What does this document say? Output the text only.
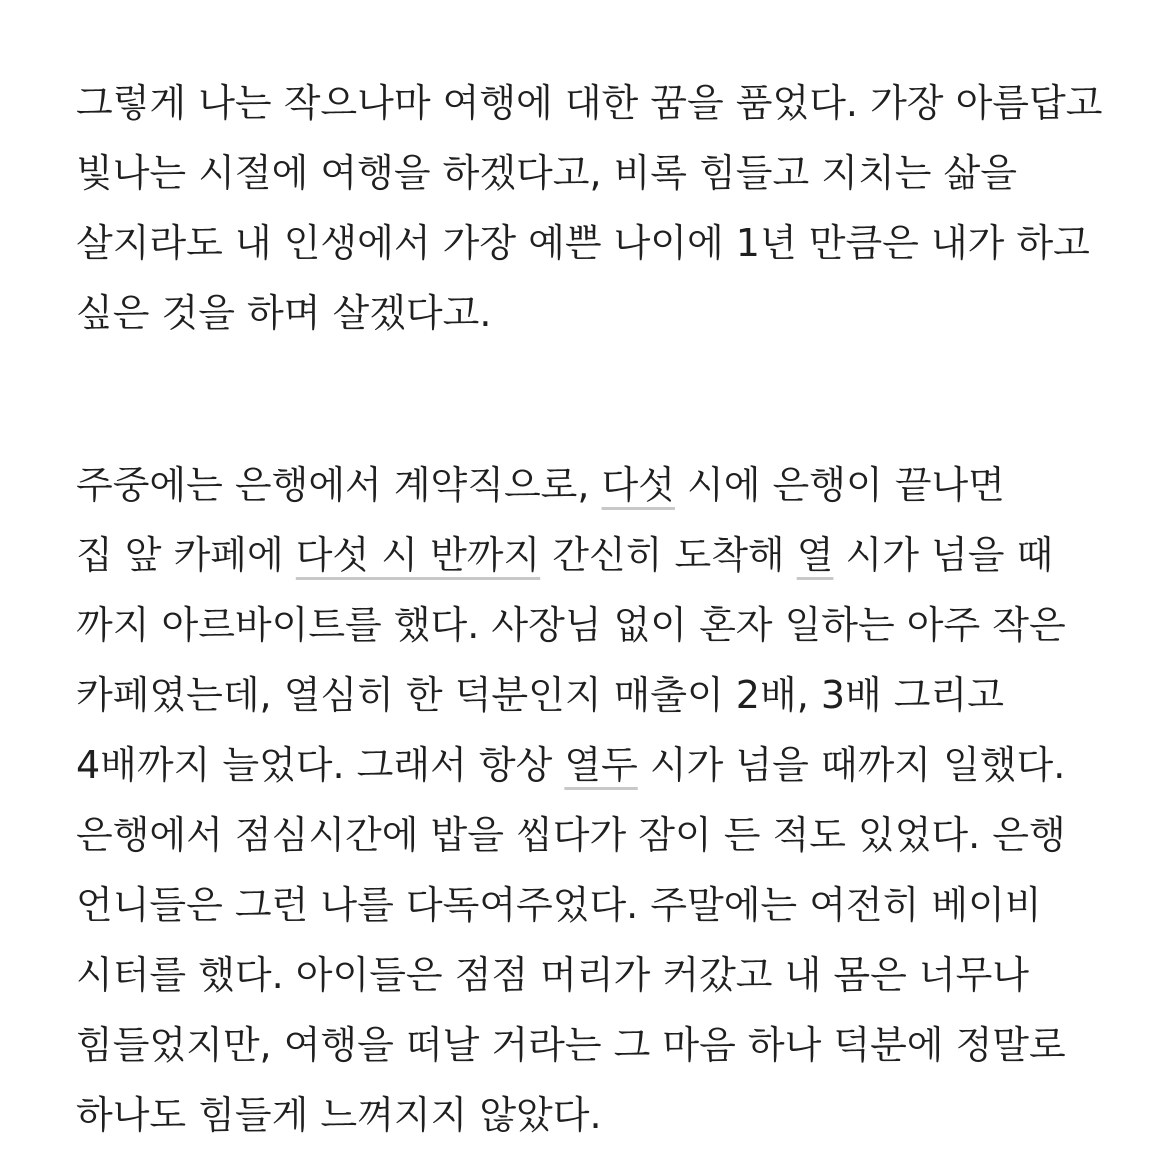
그렇게 나는 작으나마 여행에 대한 꿈을 품었다. 가장 아름답고
빛나는 시절에 여행을 하겠다고, 비록 힘들고 지치는 삶을
살지라도 내 인생에서 가장 예쁜 나이에 1년 만큼은 내가 하고
싶은 것을 하며 살겠다고.

주중에는 은행에서 계약직으로, 다섯 시에 은행이 끝나면
집 앞 카페에 다섯 시 반까지 간신히 도착해 열 시가 넘을 때
까지 아르바이트를 했다. 사장님 없이 혼자 일하는 아주 작은
카페였는데, 열심히 한 덕분인지 매출이 2배, 3배 그리고
4배까지 늘었다. 그래서 항상 열두 시가 넘을 때까지 일했다.
은행에서 점심시간에 밥을 씹다가 잠이 든 적도 있었다. 은행
언니들은 그런 나를 다독여주었다. 주말에는 여전히 베이비
시터를 했다. 아이들은 점점 머리가 커갔고 내 몸은 너무나
힘들었지만, 여행을 떠날 거라는 그 마음 하나 덕분에 정말로
하나도 힘들게 느껴지지 않았다.
